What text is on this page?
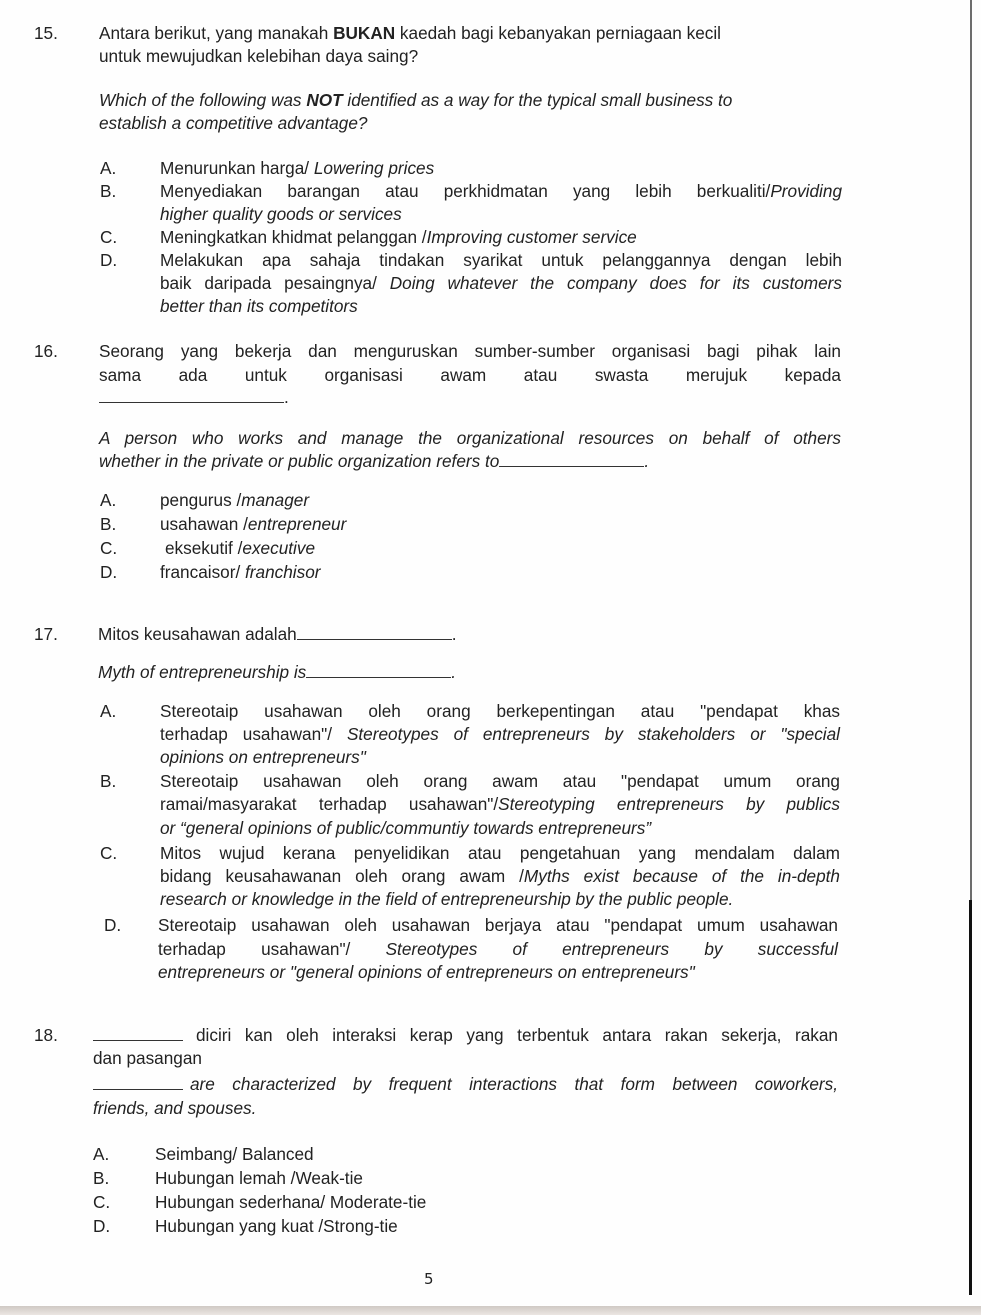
15. Antara berikut, yang manakah BUKAN kaedah bagi kebanyakan perniagaan kecil
untuk mewujudkan kelebihan daya saing?
Which of the following was NOT identified as a way for the typical small business to
establish a competitive advantage?
A.	Menurunkan harga/ Lowering prices
B.	Menyediakan barangan atau perkhidmatan yang lebih berkualiti/Providing
higher quality goods or services
C. Meningkatkan khidmat pelanggan /Improving customer service
D. Melakukan apa sahaja tindakan syarikat untuk pelanggannya dengan lebih
baik daripada pesaingnya/ Doing whatever the company does for its customers
better than its competitors
16. Seorang yang bekerja dan menguruskan sumber-sumber organisasi bagi pihak lain
sama ada untuk organisasi awam atau swasta merujuk kepada
.
A person who works and manage the organizational resources on behalf of others
whether in the private or public organization refers to	.
A.	pengurus /manager
B.	usahawan /entrepreneur
C.	eksekutif /executive
D. francaisor/ franchisor
17. Mitos keusahawan adalah	.
Myth of entrepreneurship is	.
A.	Stereotaip usahawan oleh orang berkepentingan atau "pendapat khas
terhadap usahawan"/ Stereotypes of entrepreneurs by stakeholders or "special
opinions on entrepreneurs"
B.	Stereotaip usahawan oleh orang awam atau "pendapat umum orang
ramai/masyarakat terhadap usahawan"/Stereotyping entrepreneurs by publics
or “general opinions of public/communtiy towards entrepreneurs”
C. Mitos wujud kerana penyelidikan atau pengetahuan yang mendalam dalam
bidang keusahawanan oleh orang awam /Myths exist because of the in-depth
research or knowledge in the field of entrepreneurship by the public people.
D. Stereotaip usahawan oleh usahawan berjaya atau "pendapat umum usahawan
terhadap usahawan"/ Stereotypes of entrepreneurs by successful
entrepreneurs or "general opinions of entrepreneurs on entrepreneurs"
18.	diciri kan oleh interaksi kerap yang terbentuk antara rakan sekerja, rakan
dan pasangan
are characterized by frequent interactions that form between coworkers,
friends, and spouses.
A.	Seimbang/ Balanced
B.	Hubungan lemah /Weak-tie
C.	Hubungan sederhana/ Moderate-tie
D.	Hubungan yang kuat /Strong-tie
5
